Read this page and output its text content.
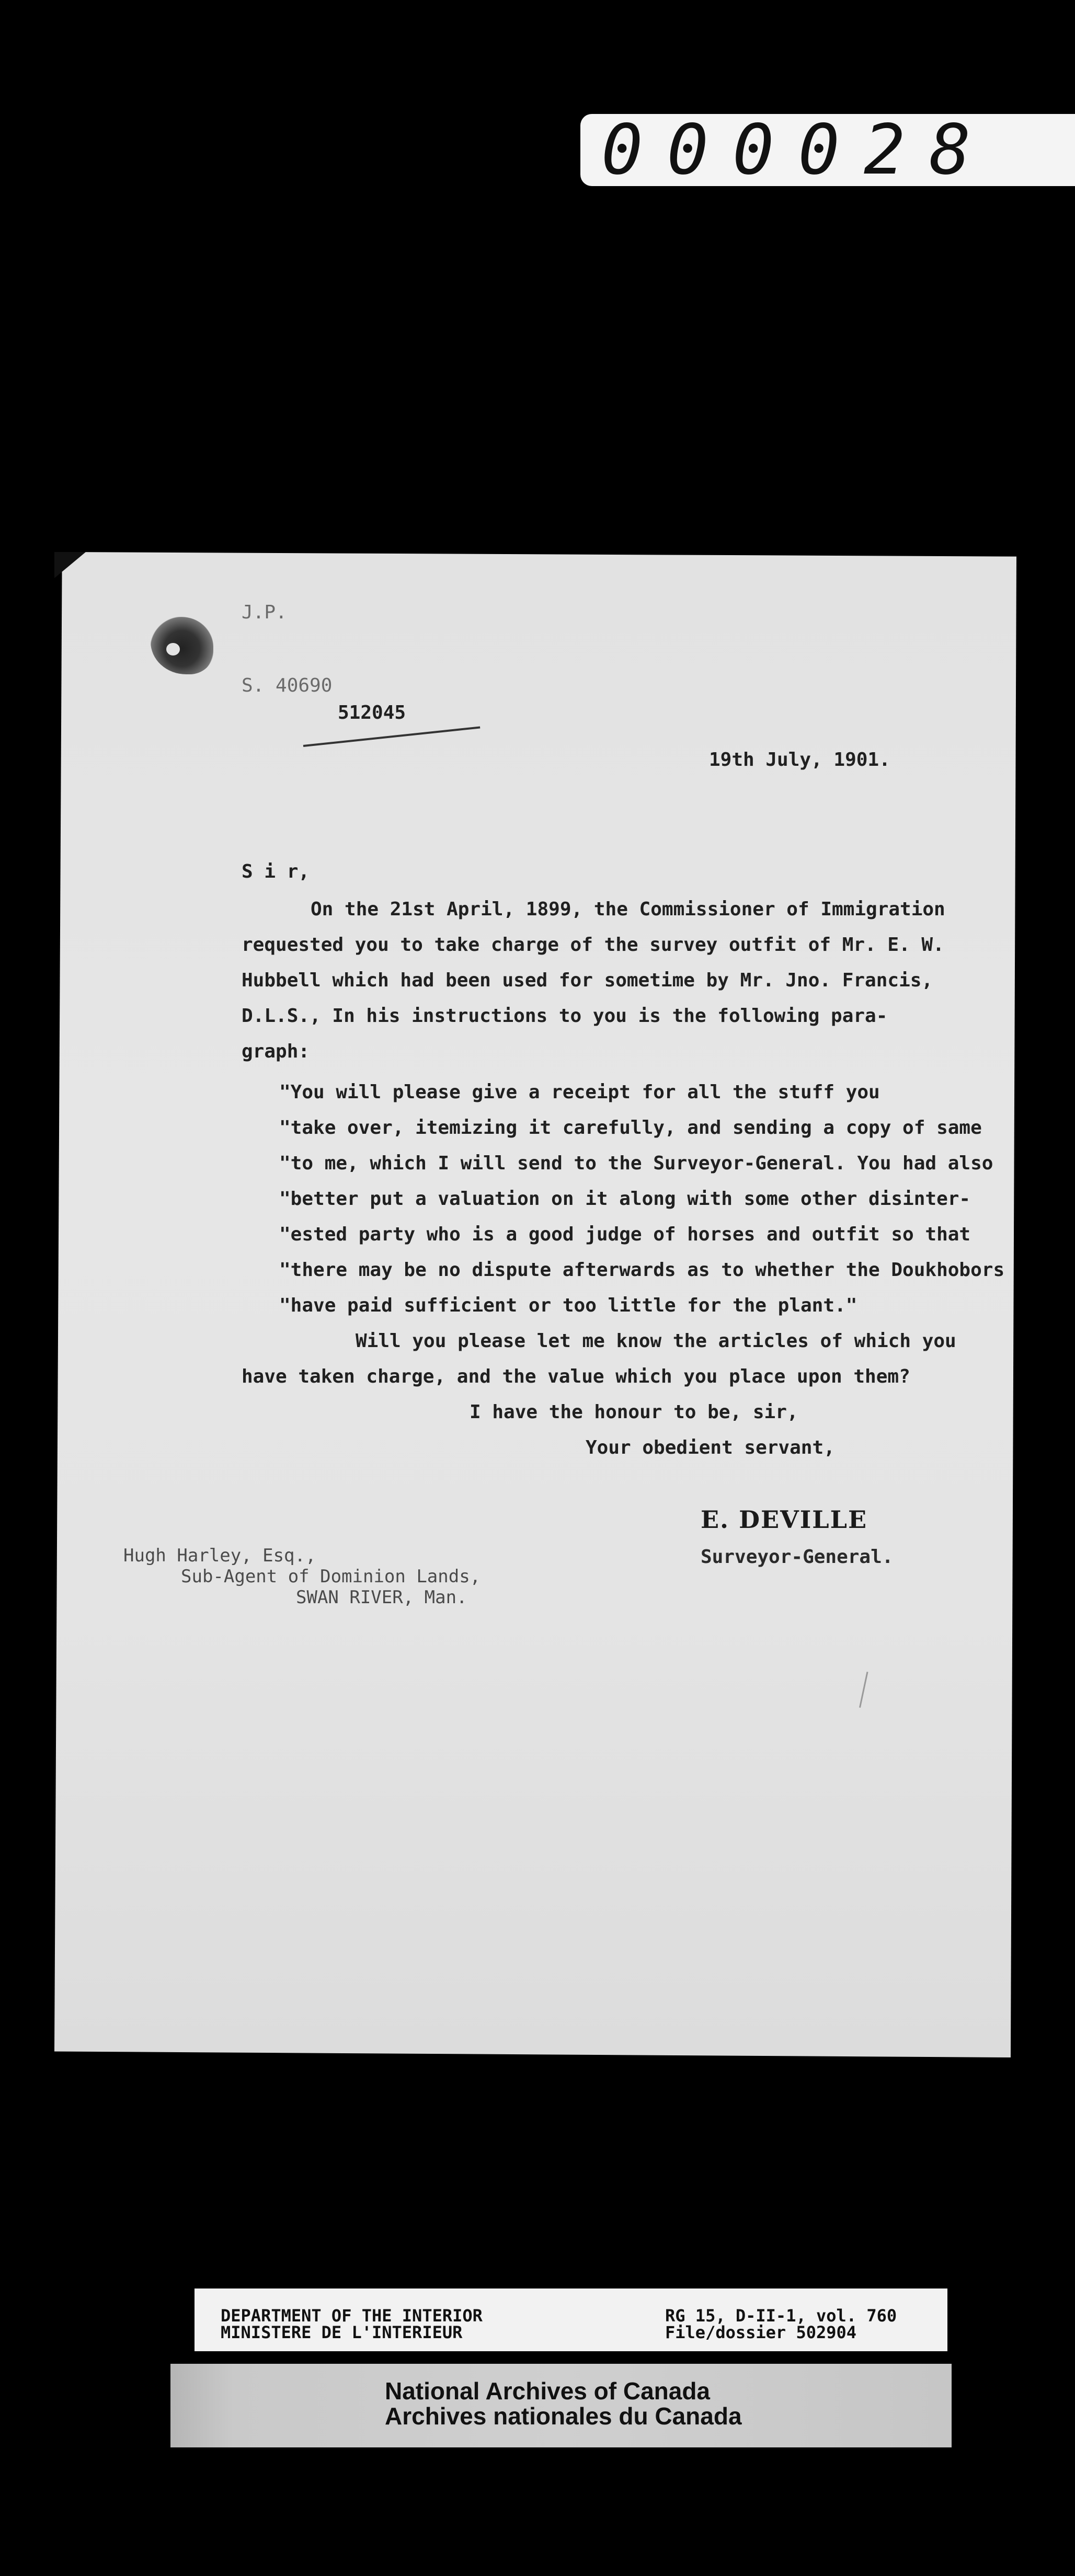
000028
J.P.
S. 40690
512045
19th July, 1901.
S i r,
On the 21st April, 1899, the Commissioner of Immigration
requested you to take charge of the survey outfit of Mr. E. W.
Hubbell which had been used for sometime by Mr. Jno. Francis,
D.L.S., In his instructions to you is the following para-
graph:
"You will please give a receipt for all the stuff you
"take over, itemizing it carefully, and sending a copy of same
"to me, which I will send to the Surveyor-General. You had also
"better put a valuation on it along with some other disinter-
"ested party who is a good judge of horses and outfit so that
"there may be no dispute afterwards as to whether the Doukhobors
"have paid sufficient or too little for the plant."
Will you please let me know the articles of which you
have taken charge, and the value which you place upon them?
I have the honour to be, sir,
Your obedient servant,
E. DEVILLE
Surveyor-General.
Hugh Harley, Esq.,
Sub-Agent of Dominion Lands,
SWAN RIVER, Man.
DEPARTMENT OF THE INTERIOR
MINISTERE DE L'INTERIEUR
RG 15, D-II-1, vol. 760
File/dossier 502904
National Archives of Canada
Archives nationales du Canada
